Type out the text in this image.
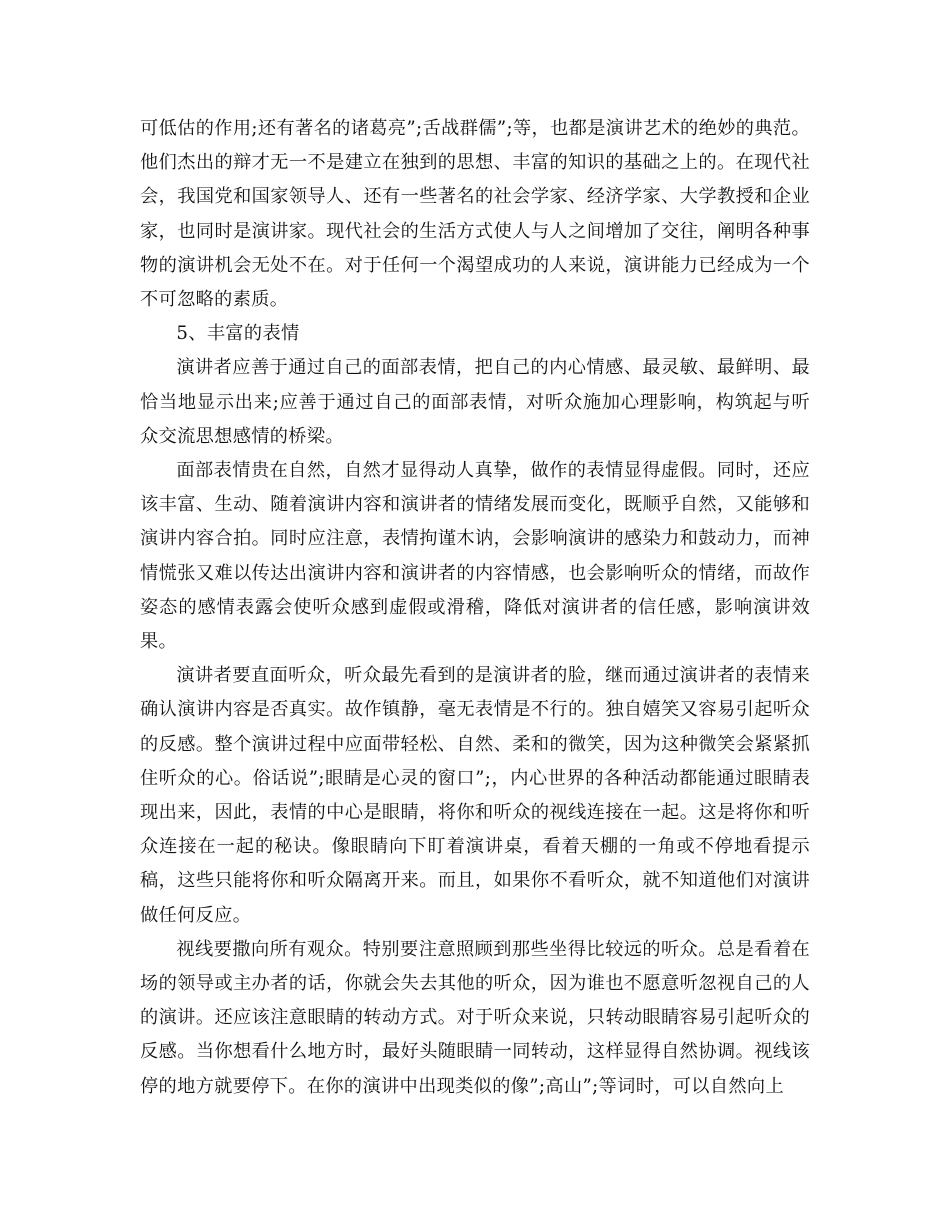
可低估的作用;还有著名的诸葛亮”;舌战群儒”;等，也都是演讲艺术的绝妙的典范。他们杰出的辩才无一不是建立在独到的思想、丰富的知识的基础之上的。在现代社会，我国党和国家领导人、还有一些著名的社会学家、经济学家、大学教授和企业家，也同时是演讲家。现代社会的生活方式使人与人之间增加了交往，阐明各种事物的演讲机会无处不在。对于任何一个渴望成功的人来说，演讲能力已经成为一个不可忽略的素质。

5、丰富的表情

演讲者应善于通过自己的面部表情，把自己的内心情感、最灵敏、最鲜明、最恰当地显示出来;应善于通过自己的面部表情，对听众施加心理影响，构筑起与听众交流思想感情的桥梁。

面部表情贵在自然，自然才显得动人真挚，做作的表情显得虚假。同时，还应该丰富、生动、随着演讲内容和演讲者的情绪发展而变化，既顺乎自然，又能够和演讲内容合拍。同时应注意，表情拘谨木讷，会影响演讲的感染力和鼓动力，而神情慌张又难以传达出演讲内容和演讲者的内容情感，也会影响听众的情绪，而故作姿态的感情表露会使听众感到虚假或滑稽，降低对演讲者的信任感，影响演讲效果。

演讲者要直面听众，听众最先看到的是演讲者的脸，继而通过演讲者的表情来确认演讲内容是否真实。故作镇静，毫无表情是不行的。独自嬉笑又容易引起听众的反感。整个演讲过程中应面带轻松、自然、柔和的微笑，因为这种微笑会紧紧抓住听众的心。俗话说”;眼睛是心灵的窗口”;，内心世界的各种活动都能通过眼睛表现出来，因此，表情的中心是眼睛，将你和听众的视线连接在一起。这是将你和听众连接在一起的秘诀。像眼睛向下盯着演讲桌，看着天棚的一角或不停地看提示稿，这些只能将你和听众隔离开来。而且，如果你不看听众，就不知道他们对演讲做任何反应。

视线要撒向所有观众。特别要注意照顾到那些坐得比较远的听众。总是看着在场的领导或主办者的话，你就会失去其他的听众，因为谁也不愿意听忽视自己的人的演讲。还应该注意眼睛的转动方式。对于听众来说，只转动眼睛容易引起听众的反感。当你想看什么地方时，最好头随眼睛一同转动，这样显得自然协调。视线该停的地方就要停下。在你的演讲中出现类似的像”;高山”;等词时，可以自然向上
